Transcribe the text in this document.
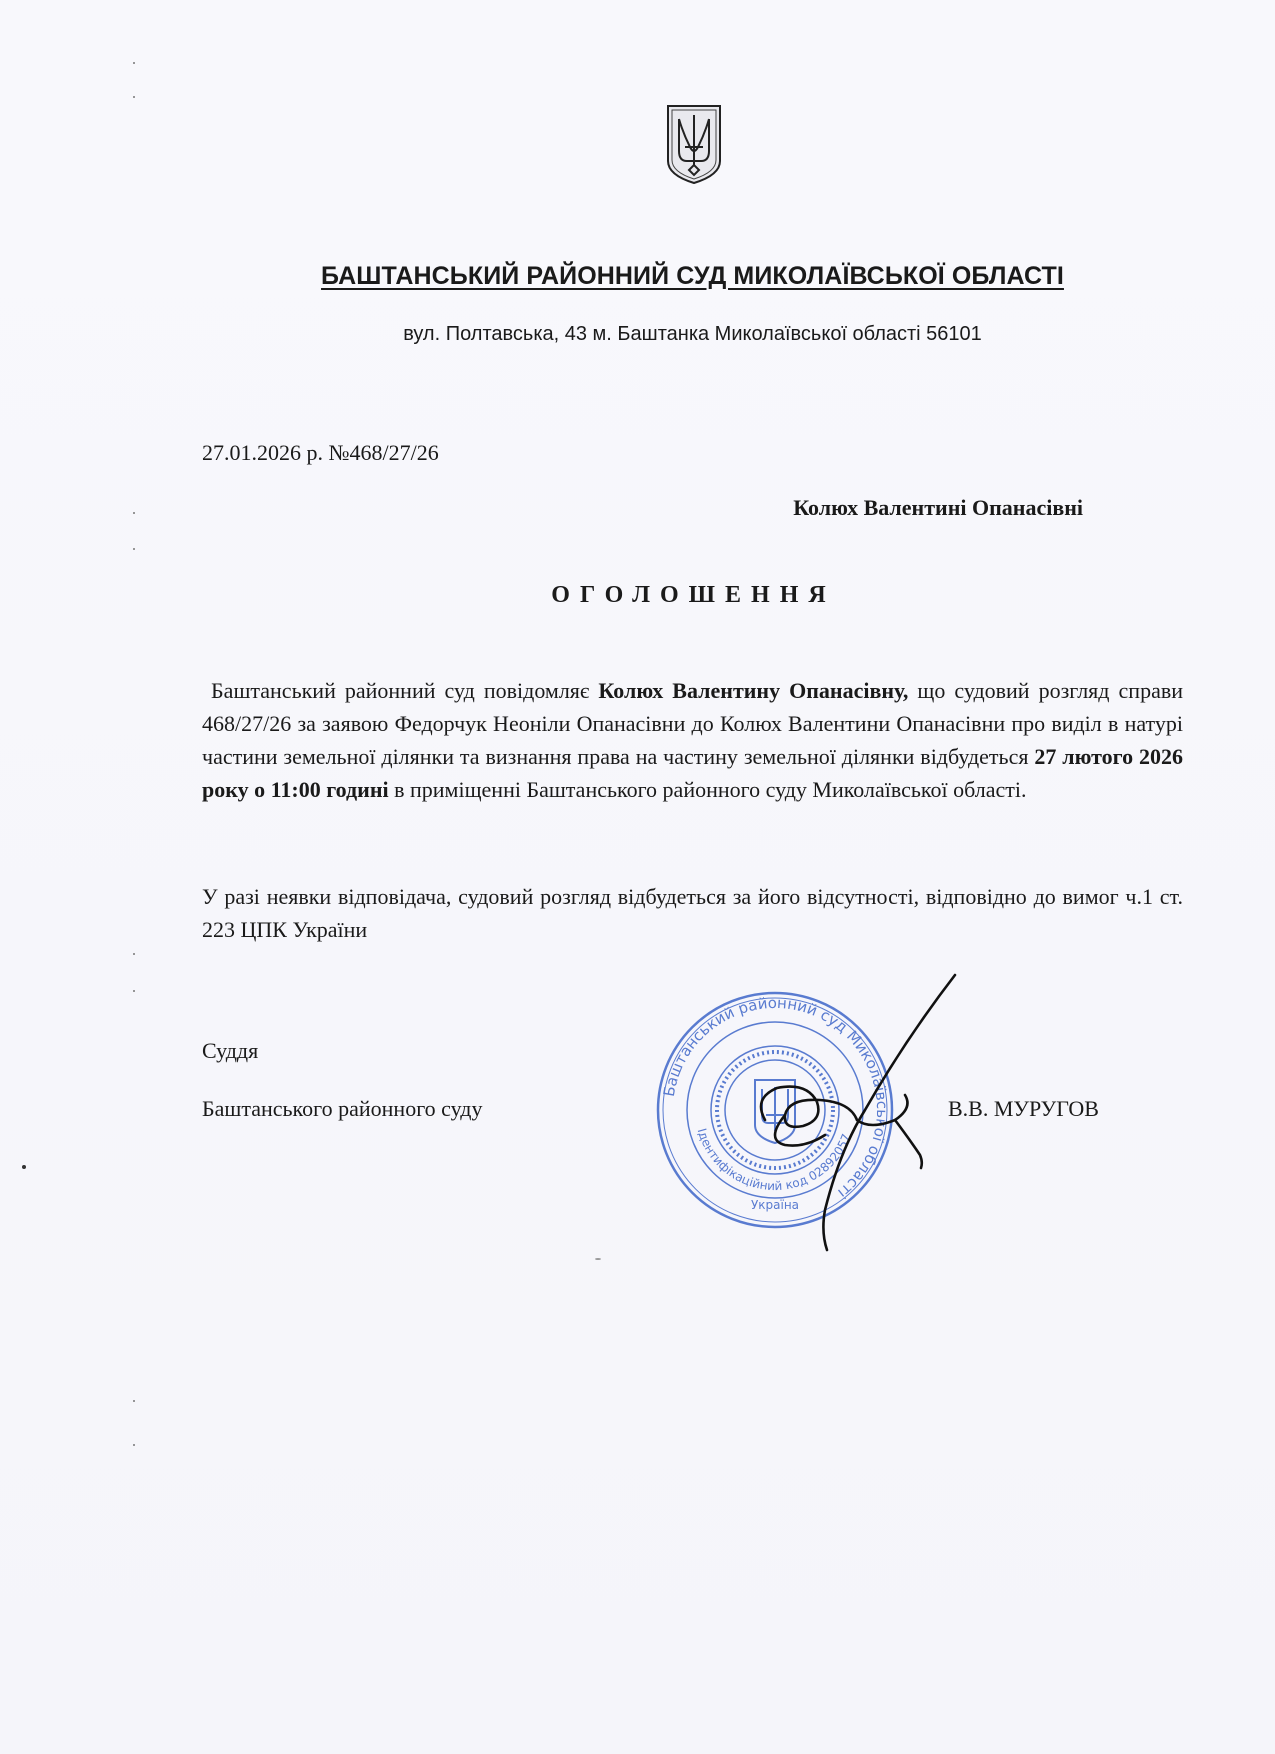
БАШТАНСЬКИЙ РАЙОННИЙ СУД МИКОЛАЇВСЬКОЇ ОБЛАСТІ
вул. Полтавська, 43 м. Баштанка Миколаївської області 56101
27.01.2026 р. №468/27/26
Колюх Валентині Опанасівні
ОГОЛОШЕННЯ
Баштанський районний суд повідомляє Колюх Валентину Опанасівну, що судовий розгляд справи 468/27/26 за заявою Федорчук Неоніли Опанасівни до Колюх Валентини Опанасівни про виділ в натурі частини земельної ділянки та визнання права на частину земельної ділянки відбудеться 27 лютого 2026 року о 11:00 годині в приміщенні Баштанського районного суду Миколаївської області.
У разі неявки відповідача, судовий розгляд відбудеться за його відсутності, відповідно до вимог ч.1 ст. 223 ЦПК України
Баштанський районний суд Миколаївської області
Ідентифікаційний код 02892057
Україна
Суддя
Баштанського районного суду	В.В. МУРУГОВ
